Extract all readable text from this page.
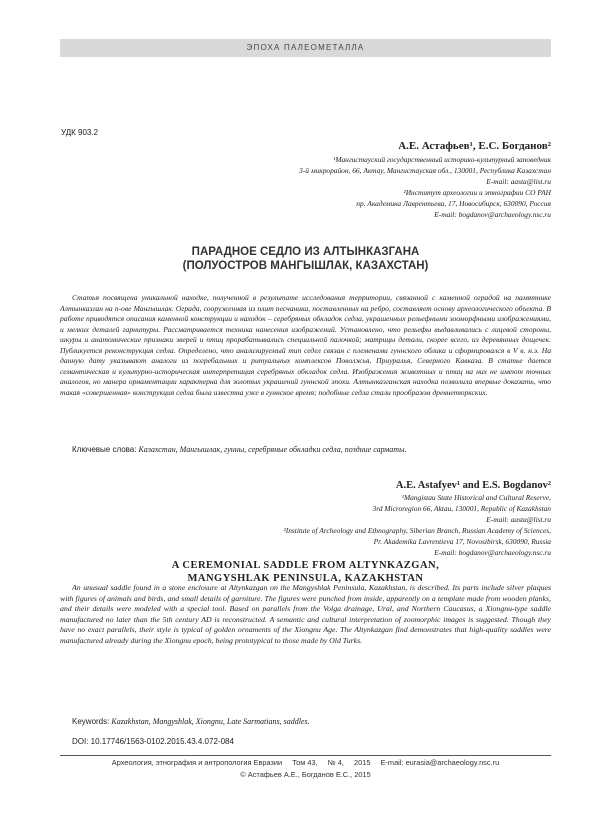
ЭПОХА ПАЛЕОМЕТАЛЛА
УДК 903.2
А.Е. Астафьев¹, Е.С. Богданов²
¹Мангистауский государственный историко-культурный заповедник
3-й микрорайон, 66, Актау, Мангистауская обл., 130001, Республика Казахстан
E-mail: aasta@list.ru
²Институт археологии и этнографии СО РАН
пр. Академика Лаврентьева, 17, Новосибирск, 630090, Россия
E-mail: bogdanov@archaeology.nsc.ru
ПАРАДНОЕ СЕДЛО ИЗ АЛТЫНКАЗГАНА
(ПОЛУОСТРОВ МАНГЫШЛАК, КАЗАХСТАН)

Статья посвящена уникальной находке, полученной в результате исследования территории, связанной с каменной оградой на памятнике Алтынказган на п-ове Мангышлак. Ограда, сооруженная из плит песчаника, поставленных на ребро, составляет основу археологического объекта. В работе приводятся описания каменной конструкции и находок – серебряных обкладок седла, украшенных рельефными зооморфными изображениями, и мелких деталей гарнитуры. Рассматривается техника нанесения изображений. Установлено, что рельефы выдавливались с лицевой стороны, шкуры и анатомические признаки зверей и птиц прорабатывались специальной палочкой; матрицы детали, скорее всего, из деревянных дощечек. Публикуется реконструкция седла. Определено, что анализируемый тип седел связан с племенами гуннского облика и сформировался в V в. н.э. На данную дату указывают аналоги из погребальных и ритуальных комплексов Поволжья, Приуралья, Северного Кавказа. В статье дается семантическая и культурно-историческая интерпретация серебряных обкладок седла. Изображения животных и птиц на них не имеют точных аналогов, но манера орнаментации характерна для золотых украшений гуннской эпохи. Алтынказганская находка позволила впервые доказать, что такая «совершенная» конструкция седла была известна уже в гуннское время; подобные седла стали прообразом древнетюркских.

Ключевые слова: Казахстан, Мангышлак, гунны, серебряные обкладки седла, поздние сарматы.
A.E. Astafyev¹ and E.S. Bogdanov²
¹Mangistau State Historical and Cultural Reserve,
3rd Microregion 66, Aktau, 130001, Republic of Kazakhstan
E-mail: aasta@list.ru
²Institute of Archeology and Ethnography, Siberian Branch, Russian Academy of Sciences,
Pr. Akademika Lavrentieva 17, Novosibirsk, 630090, Russia
E-mail: bogdanov@archaeology.nsc.ru
A CEREMONIAL SADDLE FROM ALTYNKAZGAN,
MANGYSHLAK PENINSULA, KAZAKHSTAN

An unusual saddle found in a stone enclosure at Altynkazgan on the Mangyshlak Peninsula, Kazakhstan, is described. Its parts include silver plaques with figures of animals and birds, and small details of garniture. The figures were punched from inside, apparently on a template made from wooden planks, and their details were modeled with a special tool. Based on parallels from the Volga drainage, Ural, and Northern Caucasus, a Xiongnu-type saddle manufactured no later than the 5th century AD is reconstructed. A semantic and cultural interpretation of zoomorphic images is suggested. Though they have no exact parallels, their style is typical of golden ornaments of the Xiongnu Age. The Altynkazgan find demonstrates that high-quality saddles were manufactured already during the Xiongnu epoch, being prototypical to those made by Old Turks.

Keywords: Kazakhstan, Mangyshlak, Xiongnu, Late Sarmatians, saddles.
DOI: 10.17746/1563-0102.2015.43.4.072-084
Археология, этнография и антропология Евразии Том 43, № 4, 2015 E-mail: eurasia@archaeology.nsc.ru
© Астафьев А.Е., Богданов Е.С., 2015
